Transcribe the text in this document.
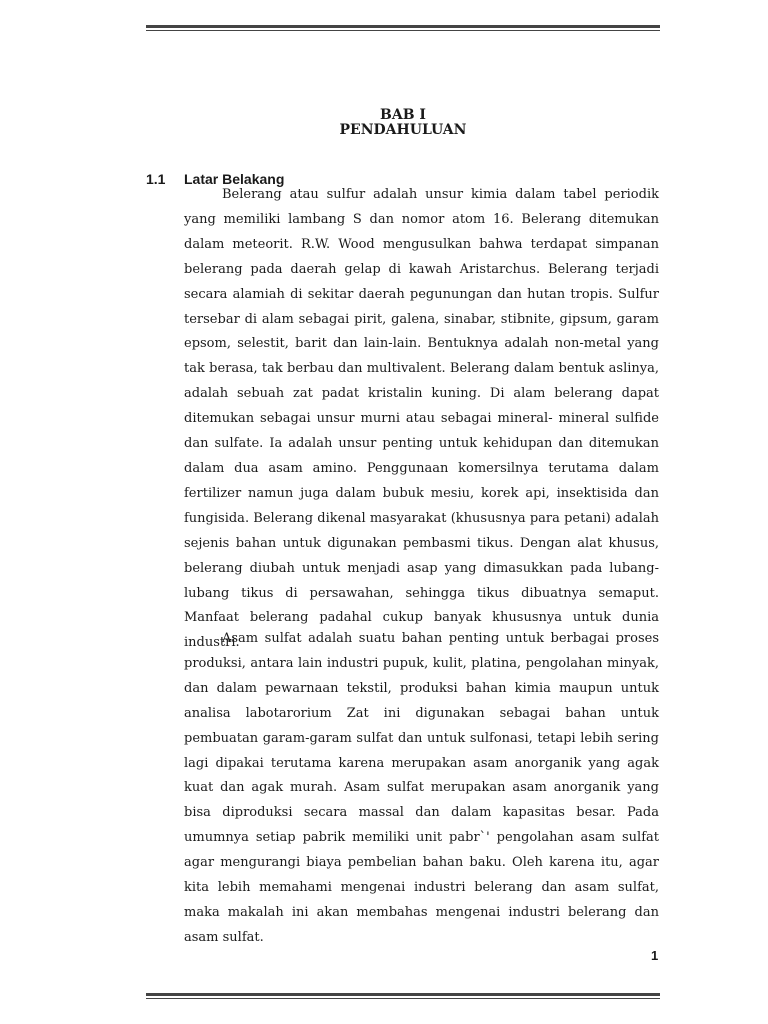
BAB I
PENDAHULUAN
1.1 Latar Belakang

Belerang atau sulfur adalah unsur kimia dalam tabel periodik yang memiliki lambang S dan nomor atom 16. Belerang ditemukan dalam meteorit. R.W. Wood mengusulkan bahwa terdapat simpanan belerang pada daerah gelap di kawah Aristarchus. Belerang terjadi secara alamiah di sekitar daerah pegunungan dan hutan tropis. Sulfur tersebar di alam sebagai pirit, galena, sinabar, stibnite, gipsum, garam epsom, selestit, barit dan lain-lain. Bentuknya adalah non-metal yang tak berasa, tak berbau dan multivalent. Belerang dalam bentuk aslinya, adalah sebuah zat padat kristalin kuning. Di alam belerang dapat ditemukan sebagai unsur murni atau sebagai mineral- mineral sulfide dan sulfate. Ia adalah unsur penting untuk kehidupan dan ditemukan dalam dua asam amino. Penggunaan komersilnya terutama dalam fertilizer namun juga dalam bubuk mesiu, korek api, insektisida dan fungisida. Belerang dikenal masyarakat (khususnya para petani) adalah sejenis bahan untuk digunakan pembasmi tikus. Dengan alat khusus, belerang diubah untuk menjadi asap yang dimasukkan pada lubang-lubang tikus di persawahan, sehingga tikus dibuatnya semaput. Manfaat belerang padahal cukup banyak khususnya untuk dunia industri.

Asam sulfat adalah suatu bahan penting untuk berbagai proses produksi, antara lain industri pupuk, kulit, platina, pengolahan minyak, dan dalam pewarnaan tekstil, produksi bahan kimia maupun untuk analisa labotarorium Zat ini digunakan sebagai bahan untuk pembuatan garam-garam sulfat dan untuk sulfonasi, tetapi lebih sering lagi dipakai terutama karena merupakan asam anorganik yang agak kuat dan agak murah. Asam sulfat merupakan asam anorganik yang bisa diproduksi secara massal dan dalam kapasitas besar. Pada umumnya setiap pabrik memiliki unit pabr`' pengolahan asam sulfat agar mengurangi biaya pembelian bahan baku. Oleh karena itu, agar kita lebih memahami mengenai industri belerang dan asam sulfat, maka makalah ini akan membahas mengenai industri belerang dan asam sulfat.

1
